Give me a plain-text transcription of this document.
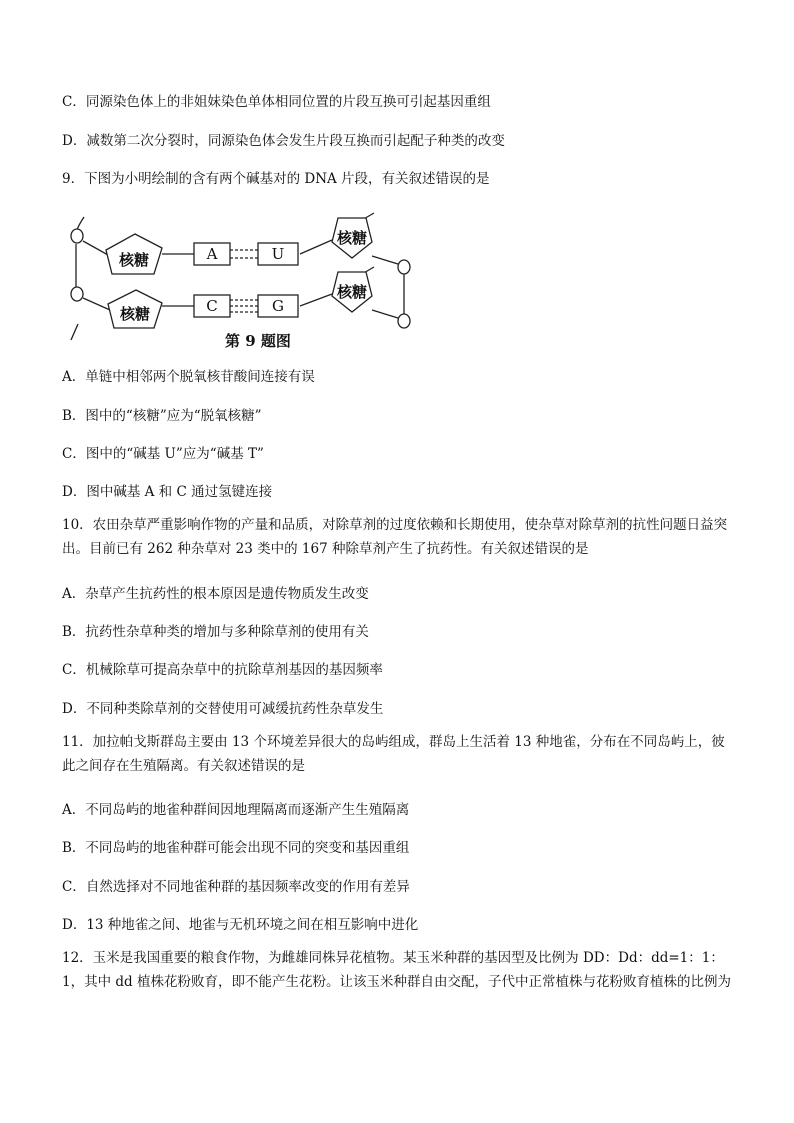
C．同源染色体上的非姐妹染色单体相同位置的片段互换可引起基因重组
D．减数第二次分裂时，同源染色体会发生片段互换而引起配子种类的改变
9．下图为小明绘制的含有两个碱基对的 DNA 片段，有关叙述错误的是
核糖
核糖
核糖
核糖
A	U
C	G
第 9 题图
A．单链中相邻两个脱氧核苷酸间连接有误
B．图中的“核糖”应为“脱氧核糖”
C．图中的“碱基 U”应为“碱基 T”
D．图中碱基 A 和 C 通过氢键连接
10．农田杂草严重影响作物的产量和品质，对除草剂的过度依赖和长期使用，使杂草对除草剂的抗性问题日益突出。目前已有 262 种杂草对 23 类中的 167 种除草剂产生了抗药性。有关叙述错误的是
A．杂草产生抗药性的根本原因是遗传物质发生改变
B．抗药性杂草种类的增加与多种除草剂的使用有关
C．机械除草可提高杂草中的抗除草剂基因的基因频率
D．不同种类除草剂的交替使用可减缓抗药性杂草发生
11．加拉帕戈斯群岛主要由 13 个环境差异很大的岛屿组成，群岛上生活着 13 种地雀，分布在不同岛屿上，彼此之间存在生殖隔离。有关叙述错误的是
A．不同岛屿的地雀种群间因地理隔离而逐渐产生生殖隔离
B．不同岛屿的地雀种群可能会出现不同的突变和基因重组
C．自然选择对不同地雀种群的基因频率改变的作用有差异
D．13 种地雀之间、地雀与无机环境之间在相互影响中进化
12．玉米是我国重要的粮食作物，为雌雄同株异花植物。某玉米种群的基因型及比例为 DD：Dd：dd=1：1：1，其中 dd 植株花粉败育，即不能产生花粉。让该玉米种群自由交配，子代中正常植株与花粉败育植株的比例为
